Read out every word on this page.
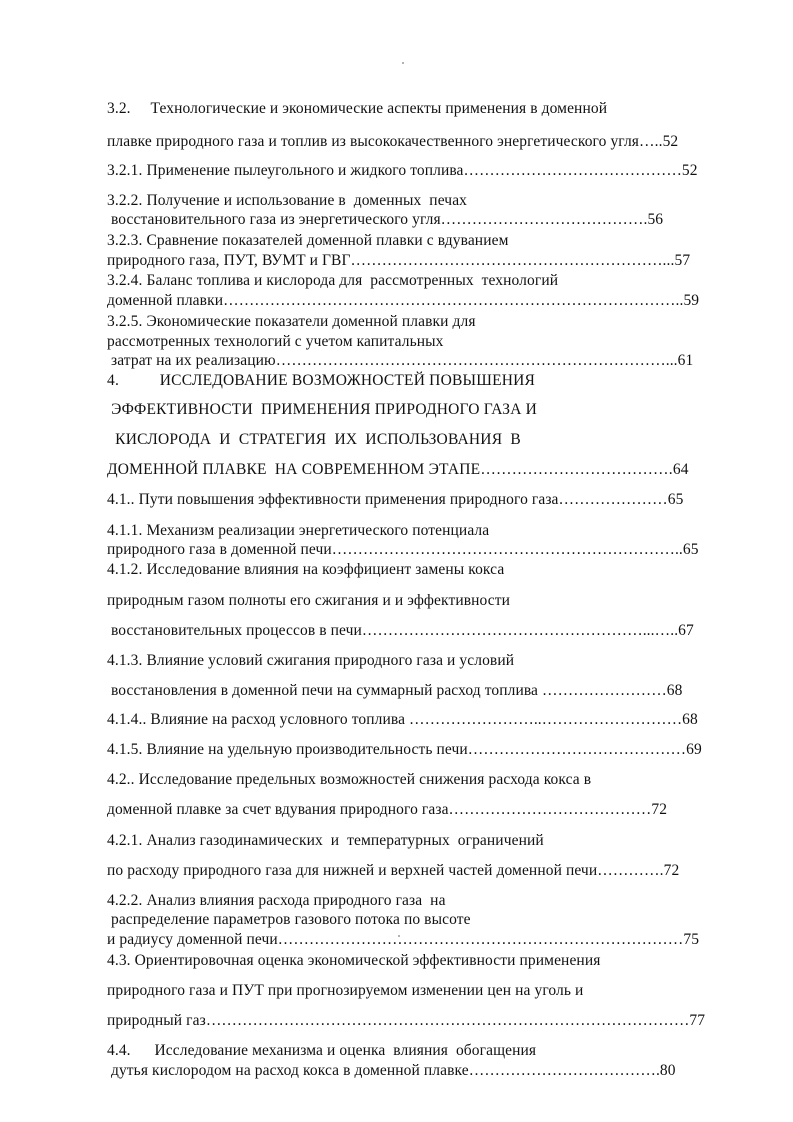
3.2.     Технологические и экономические аспекты применения в доменной
плавке природного газа и топлив из высококачественного энергетического угля…..52
3.2.1. Применение пылеугольного и жидкого топлива……………………………………52
3.2.2. Получение и использование в  доменных  печах
восстановительного газа из энергетического угля………………………………….56
3.2.3. Сравнение показателей доменной плавки с вдуванием
природного газа, ПУТ, ВУМТ и ГВГ……………………………………………………...57
3.2.4. Баланс топлива и кислорода для  рассмотренных  технологий
доменной плавки……………………………………………………………………………..59
3.2.5. Экономические показатели доменной плавки для
рассмотренных технологий с учетом капитальных
затрат на их реализацию…………………………………………………………………...61
4.          ИССЛЕДОВАНИЕ ВОЗМОЖНОСТЕЙ ПОВЫШЕНИЯ
ЭФФЕКТИВНОСТИ  ПРИМЕНЕНИЯ ПРИРОДНОГО ГАЗА И
КИСЛОРОДА  И  СТРАТЕГИЯ  ИХ  ИСПОЛЬЗОВАНИЯ  В
ДОМЕННОЙ ПЛАВКЕ  НА СОВРЕМЕННОМ ЭТАПЕ……………………………….64
4.1.. Пути повышения эффективности применения природного газа…………………65
4.1.1. Механизм реализации энергетического потенциала
природного газа в доменной печи…………………………………………………………..65
4.1.2. Исследование влияния на коэффициент замены кокса
природным газом полноты его сжигания и и эффективности
восстановительных процессов в печи………………………………………………...…..67
4.1.3. Влияние условий сжигания природного газа и условий
восстановления в доменной печи на суммарный расход топлива ……………………68
4.1.4.. Влияние на расход условного топлива ……………………..………………………68
4.1.5. Влияние на удельную производительность печи……………………………………69
4.2.. Исследование предельных возможностей снижения расхода кокса в
доменной плавке за счет вдувания природного газа…………………………………72
4.2.1. Анализ газодинамических  и  температурных  ограничений
по расходу природного газа для нижней и верхней частей доменной печи………….72
4.2.2. Анализ влияния расхода природного газа  на
распределение параметров газового потока по высоте
и радиусу доменной печи……………………………………………………………………75
4.3. Ориентировочная оценка экономической эффективности применения
природного газа и ПУТ при прогнозируемом изменении цен на уголь и
природный газ…………………………………………………………………………………77
4.4.      Исследование механизма и оценка  влияния  обогащения
дутья кислородом на расход кокса в доменной плавке……………………………….80
